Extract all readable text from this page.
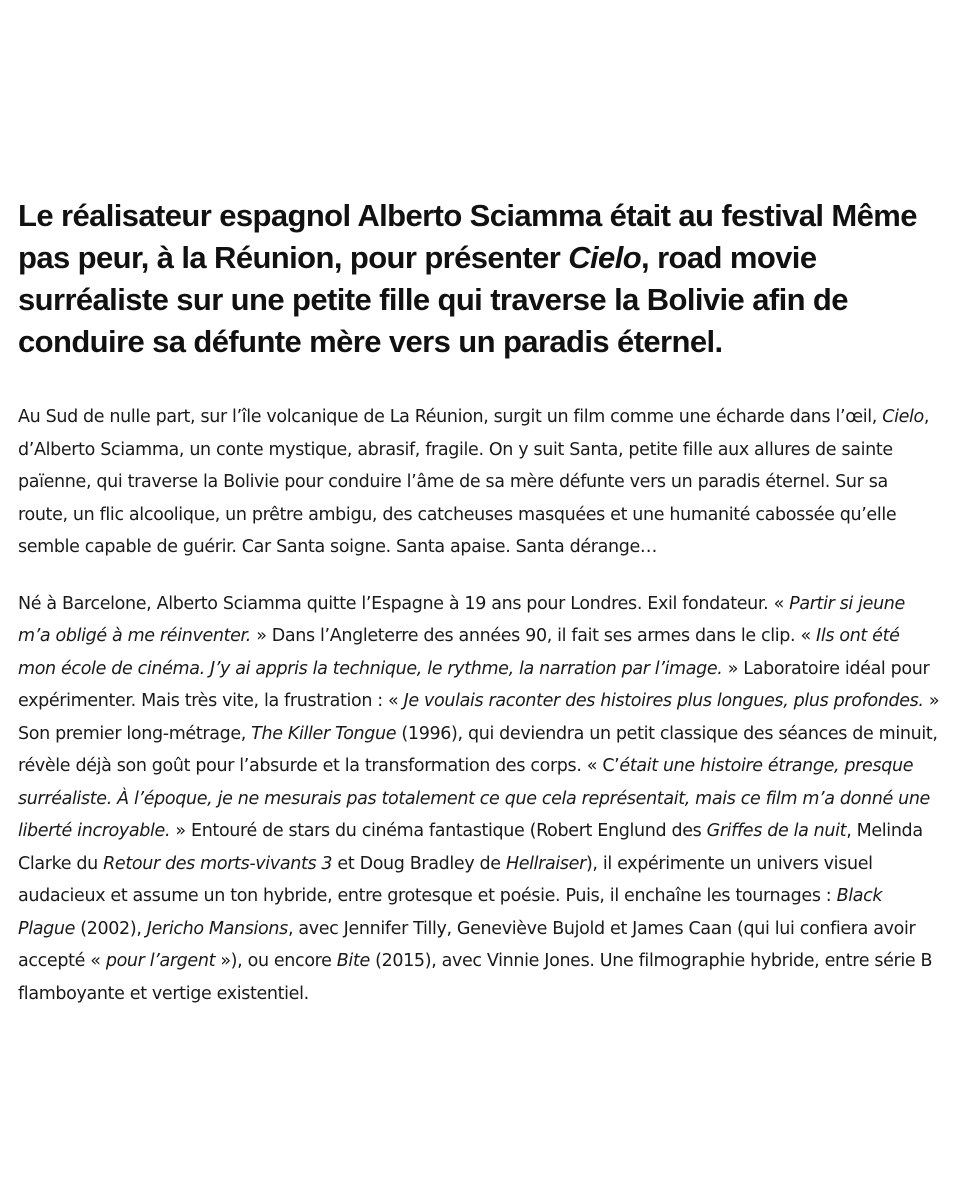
Le réalisateur espagnol Alberto Sciamma était au festival Même pas peur, à la Réunion, pour présenter Cielo, road movie surréaliste sur une petite fille qui traverse la Bolivie afin de conduire sa défunte mère vers un paradis éternel.

Au Sud de nulle part, sur l’île volcanique de La Réunion, surgit un film comme une écharde dans l’œil, Cielo, d’Alberto Sciamma, un conte mystique, abrasif, fragile. On y suit Santa, petite fille aux allures de sainte païenne, qui traverse la Bolivie pour conduire l’âme de sa mère défunte vers un paradis éternel. Sur sa route, un flic alcoolique, un prêtre ambigu, des catcheuses masquées et une humanité cabossée qu’elle semble capable de guérir. Car Santa soigne. Santa apaise. Santa dérange…

Né à Barcelone, Alberto Sciamma quitte l’Espagne à 19 ans pour Londres. Exil fondateur. « Partir si jeune m’a obligé à me réinventer. » Dans l’Angleterre des années 90, il fait ses armes dans le clip. « Ils ont été mon école de cinéma. J’y ai appris la technique, le rythme, la narration par l’image. » Laboratoire idéal pour expérimenter. Mais très vite, la frustration : « Je voulais raconter des histoires plus longues, plus profondes. » Son premier long-métrage, The Killer Tongue (1996), qui deviendra un petit classique des séances de minuit, révèle déjà son goût pour l’absurde et la transformation des corps. « C’était une histoire étrange, presque surréaliste. À l’époque, je ne mesurais pas totalement ce que cela représentait, mais ce film m’a donné une liberté incroyable. » Entouré de stars du cinéma fantastique (Robert Englund des Griffes de la nuit, Melinda Clarke du Retour des morts-vivants 3 et Doug Bradley de Hellraiser), il expérimente un univers visuel audacieux et assume un ton hybride, entre grotesque et poésie. Puis, il enchaîne les tournages : Black Plague (2002), Jericho Mansions, avec Jennifer Tilly, Geneviève Bujold et James Caan (qui lui confiera avoir accepté « pour l’argent »), ou encore Bite (2015), avec Vinnie Jones. Une filmographie hybride, entre série B flamboyante et vertige existentiel.
